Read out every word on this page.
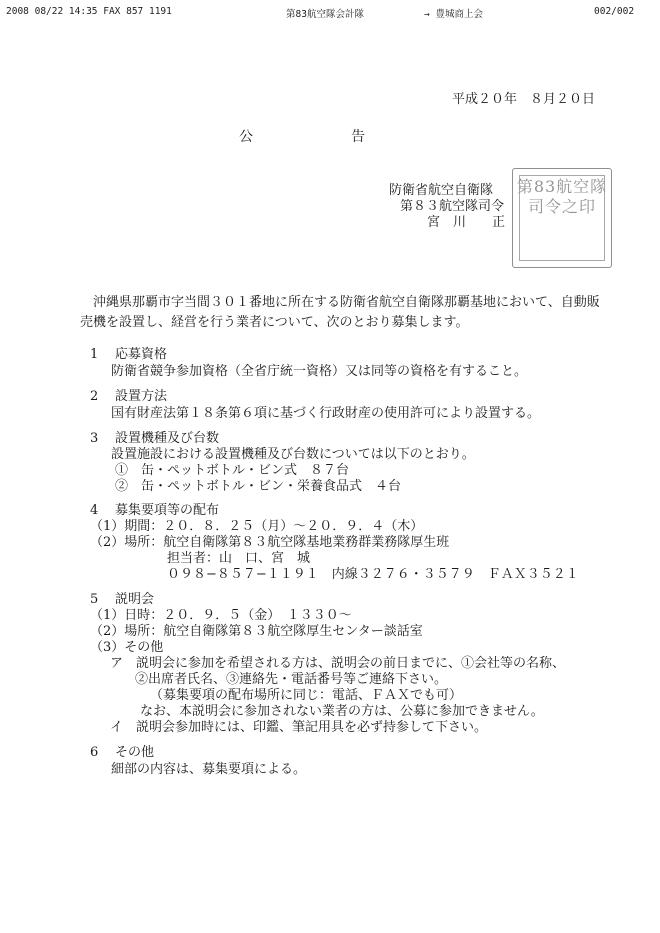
2008 08/22 14:35 FAX 857 1191	第83航空隊会計隊	→ 豊城商上会	002/002
平成２０年　８月２０日
公　　　　　　　告
防衛省航空自衛隊
第８３航空隊司令
宮　川　　正
第83航空隊司令之印
沖縄県那覇市字当間３０１番地に所在する防衛省航空自衛隊那覇基地において、自動販売機を設置し、経営を行う業者について、次のとおり募集します。
1 応募資格
防衛省競争参加資格（全省庁統一資格）又は同等の資格を有すること。
2 設置方法
国有財産法第１８条第６項に基づく行政財産の使用許可により設置する。
3 設置機種及び台数
設置施設における設置機種及び台数については以下のとおり。
①　缶・ペットボトル・ビン式　８７台
②　缶・ペットボトル・ビン・栄養食品式　４台
4 募集要項等の配布
（1）期間：２０．８．２５（月）〜２０．９．４（木）
（2）場所：航空自衛隊第８３航空隊基地業務群業務隊厚生班
担当者：山　口、宮　城
０９８−８５７−１１９１　内線３２７６・３５７９　ＦＡＸ３５２１
5 説明会
（1）日時：２０．９．５（金）　１３３０〜
（2）場所：航空自衛隊第８３航空隊厚生センター談話室
（3）その他
ア　説明会に参加を希望される方は、説明会の前日までに、①会社等の名称、
②出席者氏名、③連絡先・電話番号等ご連絡下さい。
（募集要項の配布場所に同じ：電話、ＦＡＸでも可）
なお、本説明会に参加されない業者の方は、公募に参加できません。
イ　説明会参加時には、印鑑、筆記用具を必ず持参して下さい。
6 その他
細部の内容は、募集要項による。
